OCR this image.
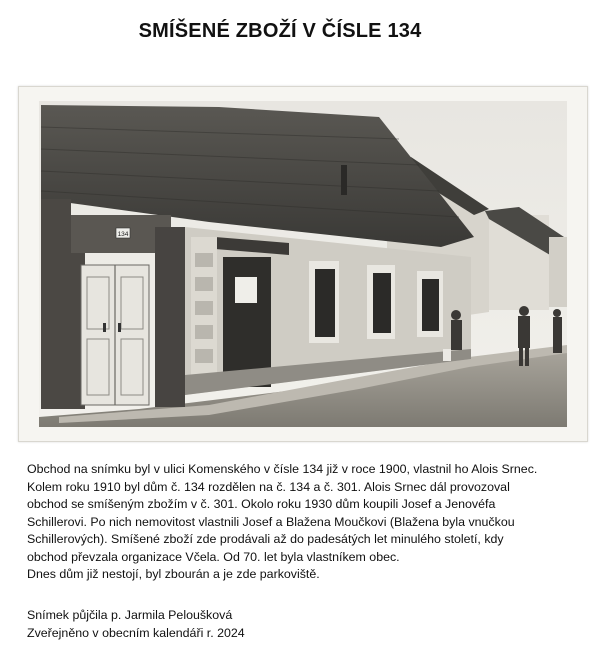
SMÍŠENÉ ZBOŽÍ V ČÍSLE 134
134

Obchod na snímku byl v ulici Komenského v čísle 134 již v roce 1900, vlastnil ho Alois Srnec.

Kolem roku 1910 byl dům č. 134 rozdělen na č. 134 a č. 301. Alois Srnec dál provozoval

obchod se smíšeným zbožím v č. 301. Okolo roku 1930 dům koupili Josef a Jenovéfa

Schillerovi. Po nich nemovitost vlastnili Josef a Blažena Moučkovi (Blažena byla vnučkou

Schillerových). Smíšené zboží zde prodávali až do padesátých let minulého století, kdy

obchod převzala organizace Včela. Od 70. let byla vlastníkem obec.

Dnes dům již nestojí, byl zbourán a je zde parkoviště.

Snímek půjčila p. Jarmila Peloušková

Zveřejněno v obecním kalendáři r. 2024
